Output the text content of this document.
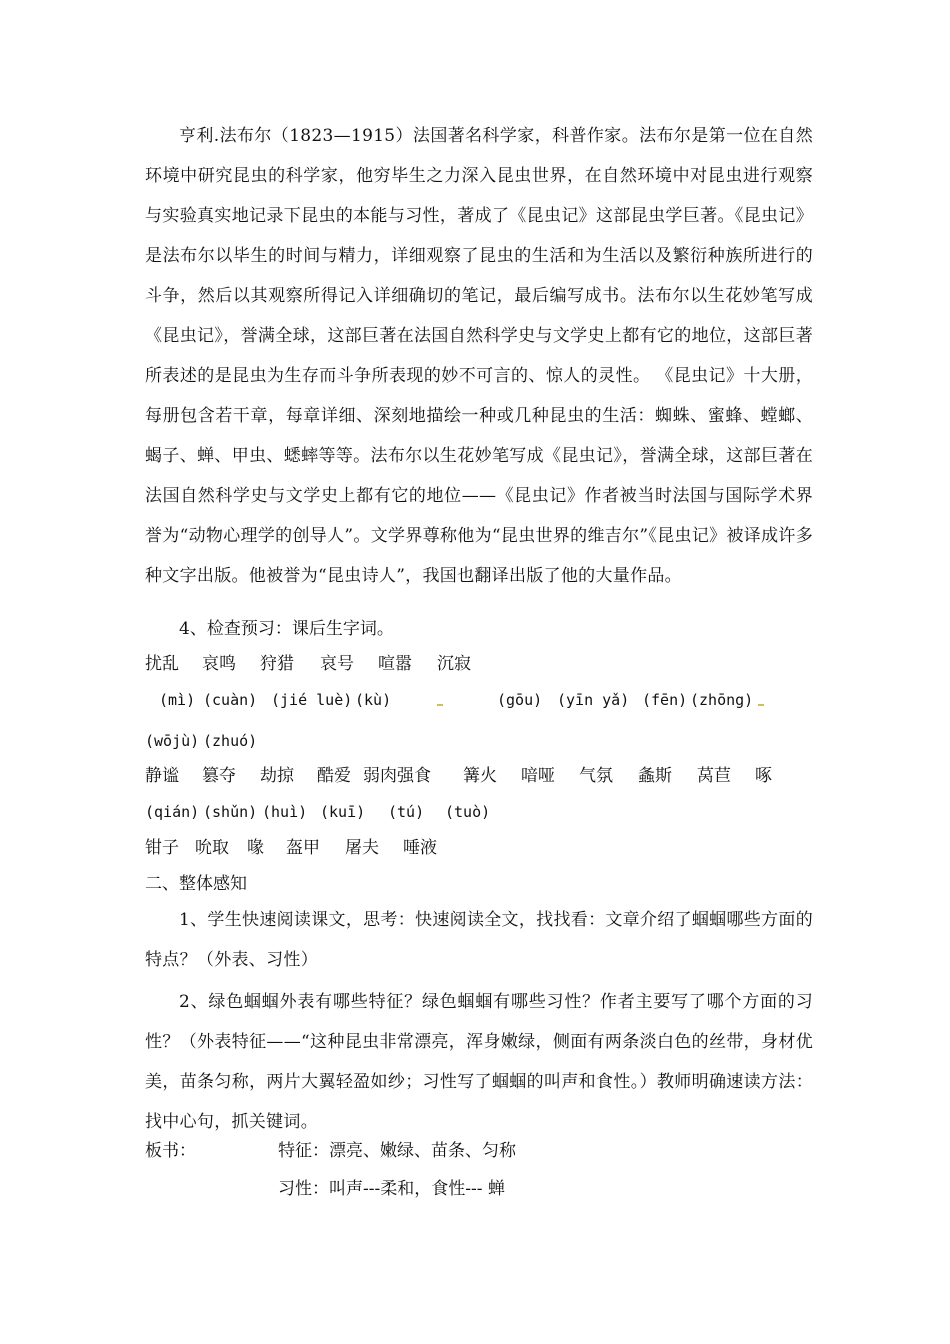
亨利.法布尔（1823—1915）法国著名科学家，科普作家。法布尔是第一位在自然环境中研究昆虫的科学家，他穷毕生之力深入昆虫世界，在自然环境中对昆虫进行观察与实验真实地记录下昆虫的本能与习性，著成了《昆虫记》这部昆虫学巨著。《昆虫记》是法布尔以毕生的时间与精力，详细观察了昆虫的生活和为生活以及繁衍种族所进行的斗争，然后以其观察所得记入详细确切的笔记，最后编写成书。法布尔以生花妙笔写成《昆虫记》，誉满全球，这部巨著在法国自然科学史与文学史上都有它的地位，这部巨著所表述的是昆虫为生存而斗争所表现的妙不可言的、惊人的灵性。 《昆虫记》十大册，每册包含若干章，每章详细、深刻地描绘一种或几种昆虫的生活：蜘蛛、蜜蜂、螳螂、蝎子、蝉、甲虫、蟋蟀等等。法布尔以生花妙笔写成《昆虫记》，誉满全球，这部巨著在法国自然科学史与文学史上都有它的地位——《昆虫记》作者被当时法国与国际学术界誉为“动物心理学的创导人”。文学界尊称他为“昆虫世界的维吉尔”《昆虫记》被译成许多种文字出版。他被誉为“昆虫诗人”，我国也翻译出版了他的大量作品。
4、检查预习：课后生字词。
扰乱 哀鸣 狩猎 哀号 喧嚣 沉寂
(mì) (cuàn) (jié luè) (kù)	(gōu) (yīn yǎ) (fēn) (zhōng)
(wōjù) (zhuó)
静谧 篡夺 劫掠 酷爱 弱肉强食 篝火 喑哑 气氛 螽斯 莴苣 啄
(qián) (shǔn) (huì) (kuī) (tú) (tuò)
钳子 吮取 喙 盔甲 屠夫 唾液
二、整体感知
1、学生快速阅读课文，思考：快速阅读全文，找找看：文章介绍了蝈蝈哪些方面的特点？（外表、习性）
2、绿色蝈蝈外表有哪些特征？绿色蝈蝈有哪些习性？作者主要写了哪个方面的习性？（外表特征——“这种昆虫非常漂亮，浑身嫩绿，侧面有两条淡白色的丝带，身材优美，苗条匀称，两片大翼轻盈如纱；习性写了蝈蝈的叫声和食性。）教师明确速读方法：找中心句，抓关键词。
板书：	特征：漂亮、嫩绿、苗条、匀称
习性：叫声---柔和，食性--- 蝉
